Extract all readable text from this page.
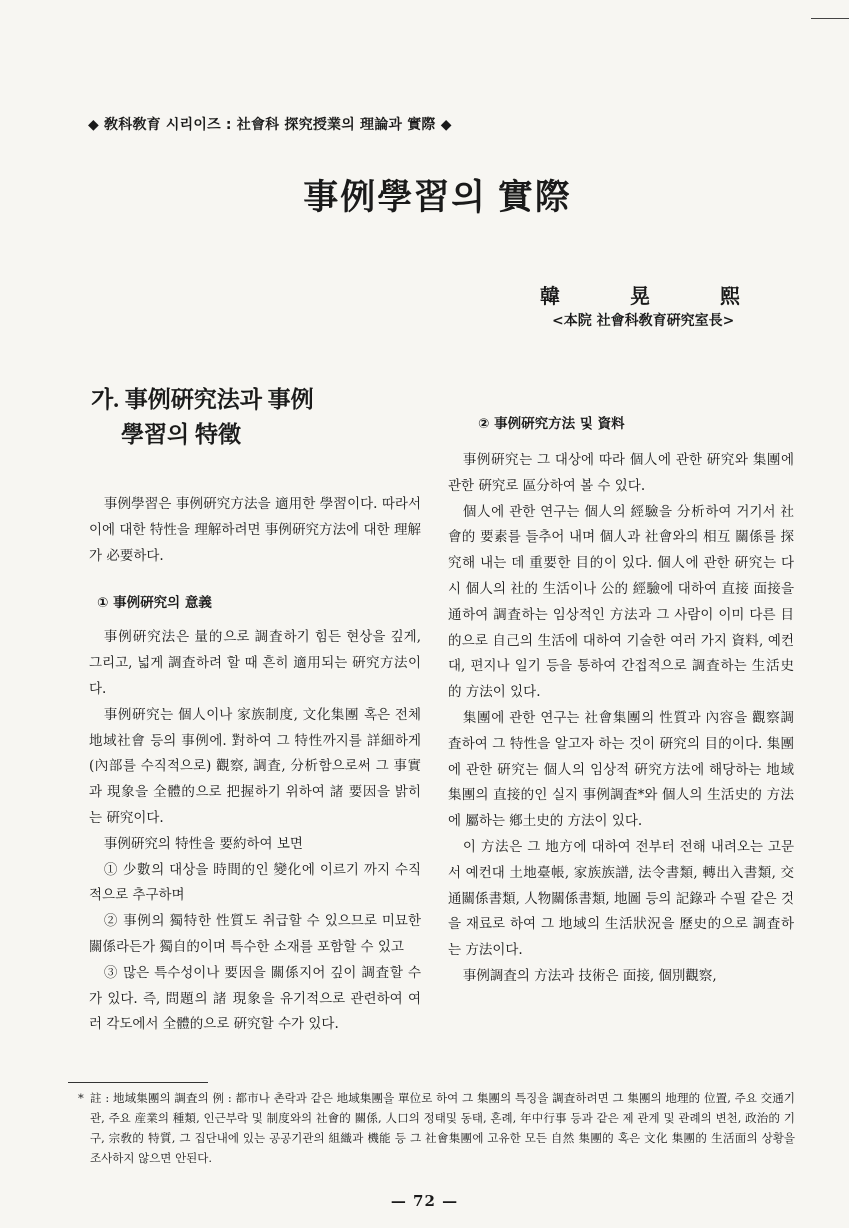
◆ 敎科敎育 시리이즈 : 社會科 探究授業의 理論과 實際 ◆
事例學習의 實際
韓	晃	熙
<本院 社會科敎育硏究室長>
가. 事例硏究法과 事例
學習의 特徵

事例學習은 事例硏究方法을 適用한 學習이다. 따라서 이에 대한 特性을 理解하려면 事例硏究方法에 대한 理解가 必要하다.

① 事例硏究의 意義

事例硏究法은 量的으로 調査하기 힘든 현상을 깊게, 그리고, 넓게 調査하려 할 때 흔히 適用되는 硏究方法이다.

事例硏究는 個人이나 家族制度, 文化集團 혹은 전체 地域社會 등의 事例에. 對하여 그 特性까지를 詳細하게(內部를 수직적으로) 觀察, 調査, 分析함으로써 그 事實과 現象을 全體的으로 把握하기 위하여 諸 要因을 밝히는 硏究이다.

事例硏究의 特性을 要約하여 보면

① 少數의 대상을 時間的인 變化에 이르기 까지 수직적으로 추구하며

② 事例의 獨特한 性質도 취급할 수 있으므로 미묘한 關係라든가 獨自的이며 특수한 소재를 포함할 수 있고

③ 많은 특수성이나 要因을 關係지어 깊이 調査할 수가 있다. 즉, 問題의 諸 現象을 유기적으로 관련하여 여러 각도에서 全體的으로 硏究할 수가 있다.

② 事例硏究方法 및 資料

事例硏究는 그 대상에 따라 個人에 관한 硏究와 集團에 관한 硏究로 區分하여 볼 수 있다.

個人에 관한 연구는 個人의 經驗을 分析하여 거기서 社會的 要素를 들추어 내며 個人과 社會와의 相互 關係를 探究해 내는 데 重要한 目的이 있다. 個人에 관한 硏究는 다시 個人의 社的 生活이나 公的 經驗에 대하여 直接 面接을 通하여 調査하는 임상적인 方法과 그 사람이 이미 다른 目的으로 自己의 生活에 대하여 기술한 여러 가지 資料, 예컨대, 편지나 일기 등을 통하여 간접적으로 調査하는 生活史的 方法이 있다.

集團에 관한 연구는 社會集團의 性質과 內容을 觀察調査하여 그 特性을 알고자 하는 것이 硏究의 目的이다. 集團에 관한 硏究는 個人의 임상적 硏究方法에 해당하는 地域集團의 直接的인 실지 事例調査*와 個人의 生活史的 方法에 屬하는 鄕土史的 方法이 있다.

이 方法은 그 地方에 대하여 전부터 전해 내려오는 고문서 예컨대 土地臺帳, 家族族譜, 法令書類, 轉出入書類, 交通關係書類, 人物關係書類, 地圖 등의 記錄과 수필 같은 것을 재료로 하여 그 地域의 生活狀況을 歷史的으로 調査하는 方法이다.

事例調査의 方法과 技術은 面接, 個別觀察,

* 註 : 地域集團의 調査의 例 : 都市나 촌락과 같은 地域集團을 單位로 하여 그 集團의 특징을 調査하려면 그 集團의 地理的 位置, 주요 交通기관, 주요 産業의 種類, 인근부락 및 制度와의 社會的 關係, 人口의 정태및 동태, 혼례, 年中行事 등과 같은 제 관계 및 관례의 변천, 政治的 기구, 宗敎的 特質, 그 집단내에 있는 공공기관의 組織과 機能 등 그 社會集團에 고유한 모든 自然 集團的 혹은 文化 集團的 生活面의 상황을 조사하지 않으면 안된다.
— 72 —
